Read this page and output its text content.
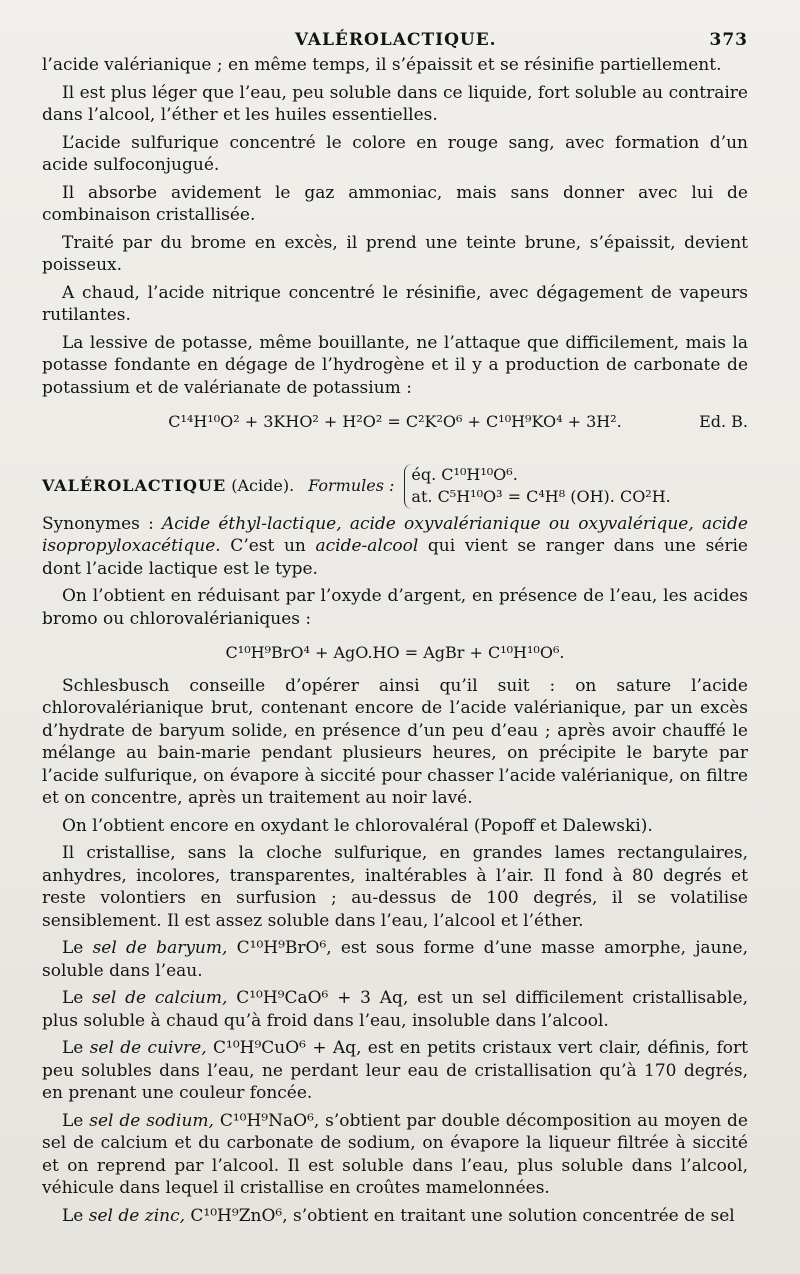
VALÉROLACTIQUE.	373

l’acide valérianique ; en même temps, il s’épaissit et se résinifie partiellement.

Il est plus léger que l’eau, peu soluble dans ce liquide, fort soluble au contraire dans l’alcool, l’éther et les huiles essentielles.

L’acide sulfurique concentré le colore en rouge sang, avec formation d’un acide sulfoconjugué.

Il absorbe avidement le gaz ammoniac, mais sans donner avec lui de combinaison cristallisée.

Traité par du brome en excès, il prend une teinte brune, s’épaissit, devient poisseux.

A chaud, l’acide nitrique concentré le résinifie, avec dégagement de vapeurs rutilantes.

La lessive de potasse, même bouillante, ne l’attaque que difficilement, mais la potasse fondante en dégage de l’hydrogène et il y a production de carbonate de potassium et de valérianate de potassium :

C¹⁴H¹⁰O² + 3KHO² + H²O² = C²K²O⁶ + C¹⁰H⁹KO⁴ + 3H².	Ed. B.
VALÉROLACTIQUE
(Acide). Formules :
éq. C¹⁰H¹⁰O⁶.
at. C⁵H¹⁰O³ = C⁴H⁸ (OH). CO²H.

Synonymes : Acide éthyl-lactique, acide oxyvalérianique ou oxyvalérique, acide isopropyloxacétique. C’est un acide-alcool qui vient se ranger dans une série dont l’acide lactique est le type.

On l’obtient en réduisant par l’oxyde d’argent, en présence de l’eau, les acides bromo ou chlorovalérianiques :

C¹⁰H⁹BrO⁴ + AgO.HO = AgBr + C¹⁰H¹⁰O⁶.

Schlesbusch conseille d’opérer ainsi qu’il suit : on sature l’acide chlorovalérianique brut, contenant encore de l’acide valérianique, par un excès d’hydrate de baryum solide, en présence d’un peu d’eau ; après avoir chauffé le mélange au bain-marie pendant plusieurs heures, on précipite le baryte par l’acide sulfurique, on évapore à siccité pour chasser l’acide valérianique, on filtre et on concentre, après un traitement au noir lavé.

On l’obtient encore en oxydant le chlorovaléral (Popoff et Dalewski).

Il cristallise, sans la cloche sulfurique, en grandes lames rectangulaires, anhydres, incolores, transparentes, inaltérables à l’air. Il fond à 80 degrés et reste volontiers en surfusion ; au-dessus de 100 degrés, il se volatilise sensiblement. Il est assez soluble dans l’eau, l’alcool et l’éther.

Le sel de baryum, C¹⁰H⁹BrO⁶, est sous forme d’une masse amorphe, jaune, soluble dans l’eau.

Le sel de calcium, C¹⁰H⁹CaO⁶ + 3 Aq, est un sel difficilement cristallisable, plus soluble à chaud qu’à froid dans l’eau, insoluble dans l’alcool.

Le sel de cuivre, C¹⁰H⁹CuO⁶ + Aq, est en petits cristaux vert clair, définis, fort peu solubles dans l’eau, ne perdant leur eau de cristallisation qu’à 170 degrés, en prenant une couleur foncée.

Le sel de sodium, C¹⁰H⁹NaO⁶, s’obtient par double décomposition au moyen de sel de calcium et du carbonate de sodium, on évapore la liqueur filtrée à siccité et on reprend par l’alcool. Il est soluble dans l’eau, plus soluble dans l’alcool, véhicule dans lequel il cristallise en croûtes mamelonnées.

Le sel de zinc, C¹⁰H⁹ZnO⁶, s’obtient en traitant une solution concentrée de sel
